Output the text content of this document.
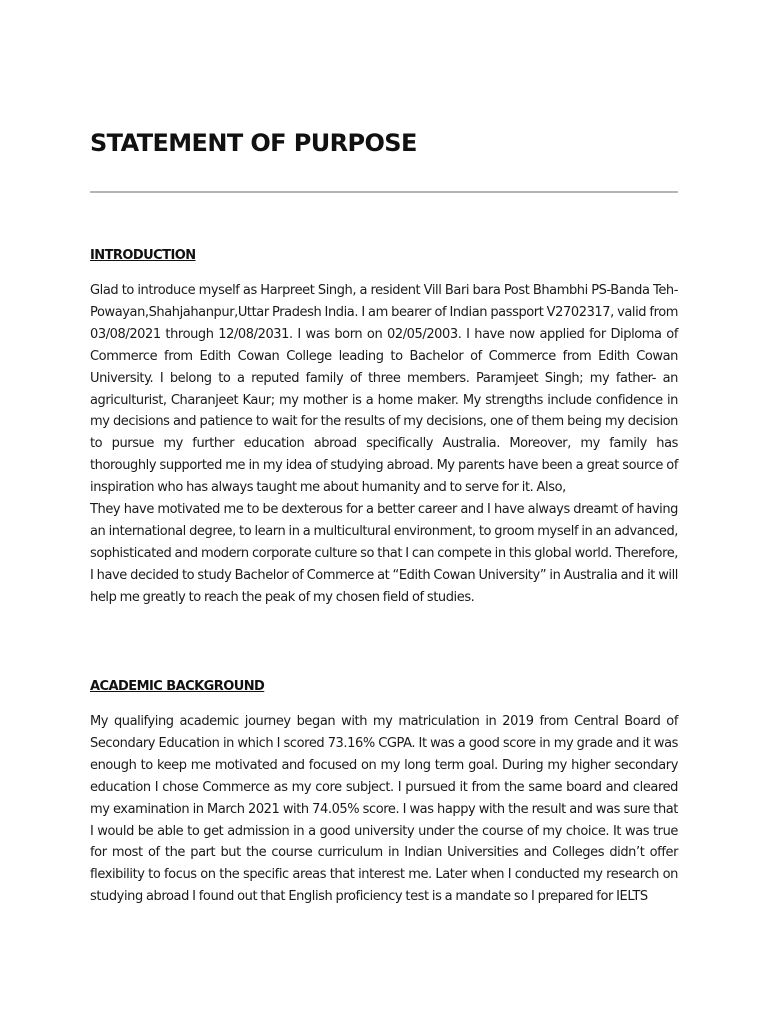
STATEMENT OF PURPOSE
INTRODUCTION

Glad to introduce myself as Harpreet Singh, a resident Vill Bari bara Post Bhambhi PS-Banda Teh- Powayan,Shahjahanpur,Uttar Pradesh India. I am bearer of Indian passport V2702317, valid from 03/08/2021 through 12/08/2031. I was born on 02/05/2003. I have now applied for Diploma of Commerce from Edith Cowan College leading to Bachelor of Commerce from Edith Cowan University. I belong to a reputed family of three members. Paramjeet Singh; my father- an agriculturist, Charanjeet Kaur; my mother is a home maker. My strengths include confidence in my decisions and patience to wait for the results of my decisions, one of them being my decision to pursue my further education abroad specifically Australia. Moreover, my family has thoroughly supported me in my idea of studying abroad. My parents have been a great source of inspiration who has always taught me about humanity and to serve for it. Also,

They have motivated me to be dexterous for a better career and I have always dreamt of having an international degree, to learn in a multicultural environment, to groom myself in an advanced, sophisticated and modern corporate culture so that I can compete in this global world. Therefore, I have decided to study Bachelor of Commerce at “Edith Cowan University” in Australia and it will help me greatly to reach the peak of my chosen field of studies.

ACADEMIC BACKGROUND

My qualifying academic journey began with my matriculation in 2019 from Central Board of Secondary Education in which I scored 73.16% CGPA. It was a good score in my grade and it was enough to keep me motivated and focused on my long term goal. During my higher secondary education I chose Commerce as my core subject. I pursued it from the same board and cleared my examination in March 2021 with 74.05% score. I was happy with the result and was sure that I would be able to get admission in a good university under the course of my choice. It was true for most of the part but the course curriculum in Indian Universities and Colleges didn’t offer flexibility to focus on the specific areas that interest me. Later when I conducted my research on studying abroad I found out that English proficiency test is a mandate so I prepared for IELTS
